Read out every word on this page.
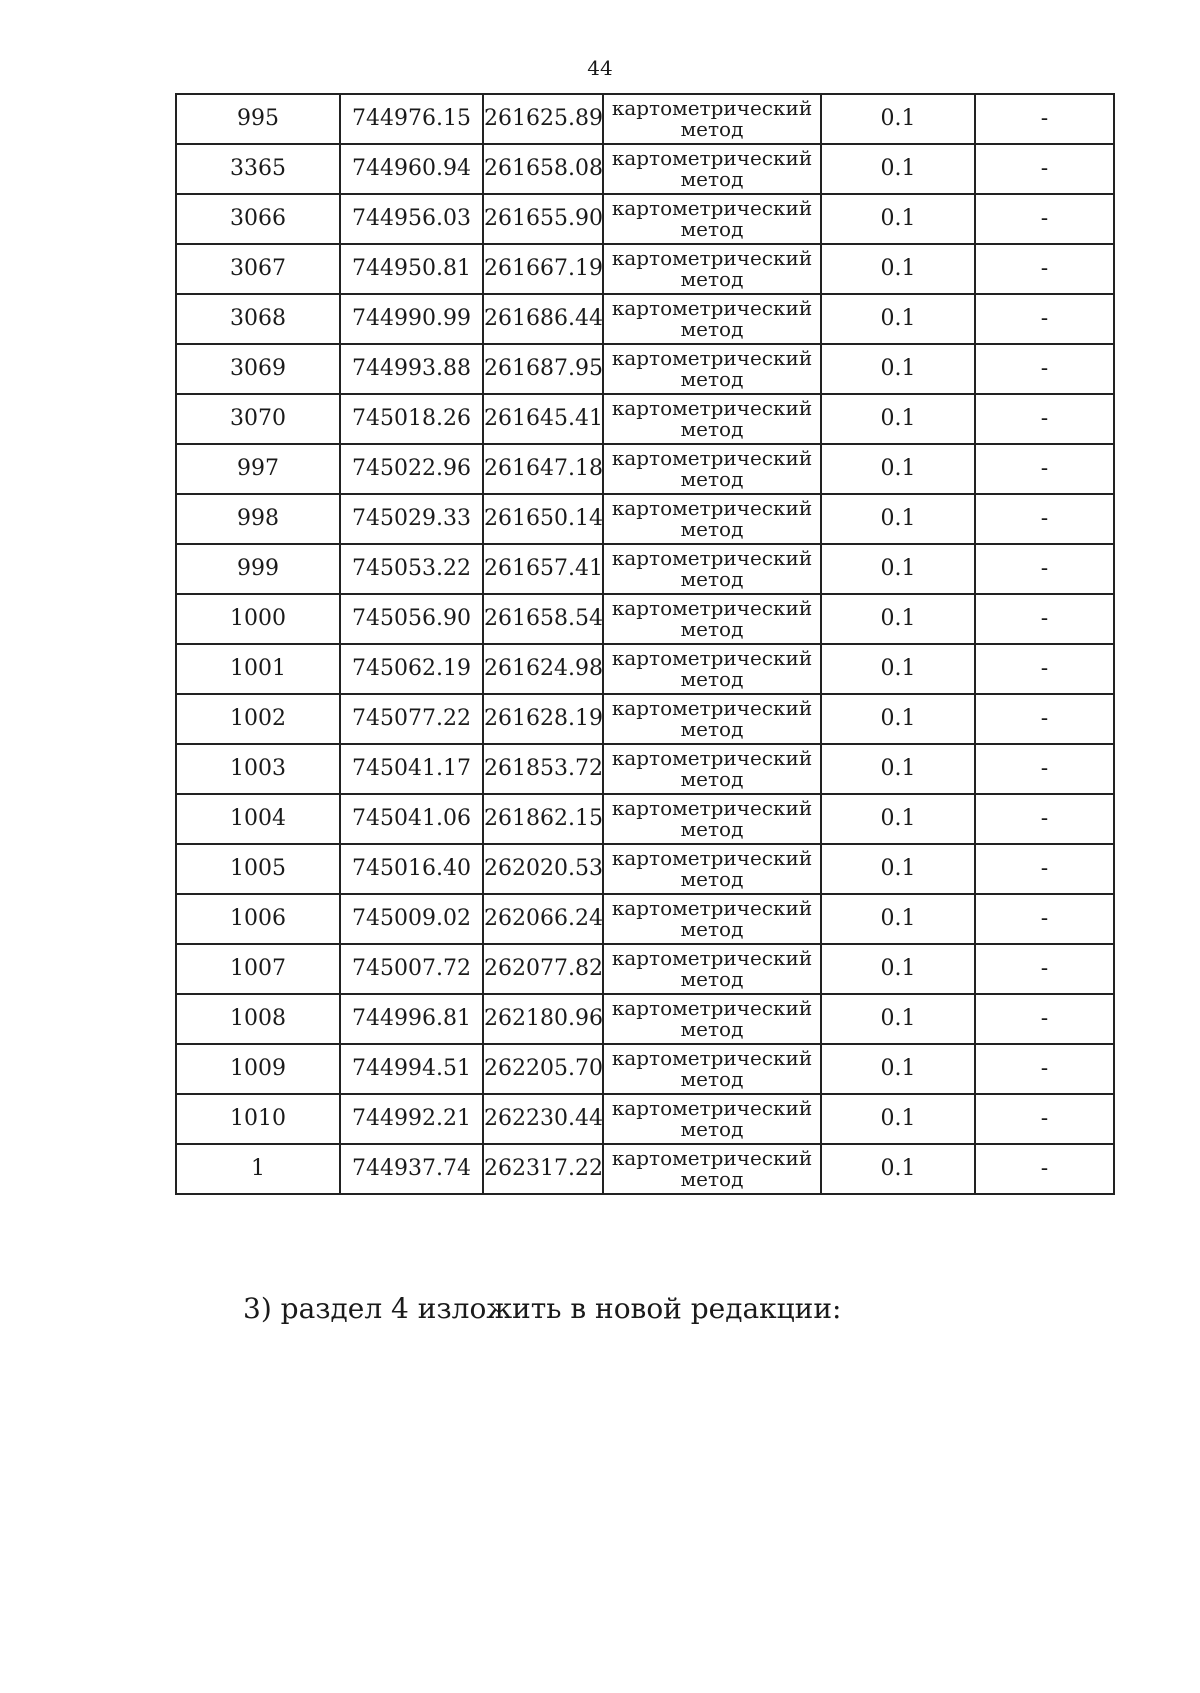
44
995	744976.15	261625.89	картометрический метод	0.1	-
3365	744960.94	261658.08	картометрический метод	0.1	-
3066	744956.03	261655.90	картометрический метод	0.1	-
3067	744950.81	261667.19	картометрический метод	0.1	-
3068	744990.99	261686.44	картометрический метод	0.1	-
3069	744993.88	261687.95	картометрический метод	0.1	-
3070	745018.26	261645.41	картометрический метод	0.1	-
997	745022.96	261647.18	картометрический метод	0.1	-
998	745029.33	261650.14	картометрический метод	0.1	-
999	745053.22	261657.41	картометрический метод	0.1	-
1000	745056.90	261658.54	картометрический метод	0.1	-
1001	745062.19	261624.98	картометрический метод	0.1	-
1002	745077.22	261628.19	картометрический метод	0.1	-
1003	745041.17	261853.72	картометрический метод	0.1	-
1004	745041.06	261862.15	картометрический метод	0.1	-
1005	745016.40	262020.53	картометрический метод	0.1	-
1006	745009.02	262066.24	картометрический метод	0.1	-
1007	745007.72	262077.82	картометрический метод	0.1	-
1008	744996.81	262180.96	картометрический метод	0.1	-
1009	744994.51	262205.70	картометрический метод	0.1	-
1010	744992.21	262230.44	картометрический метод	0.1	-
1	744937.74	262317.22	картометрический метод	0.1	-
3) раздел 4 изложить в новой редакции:
